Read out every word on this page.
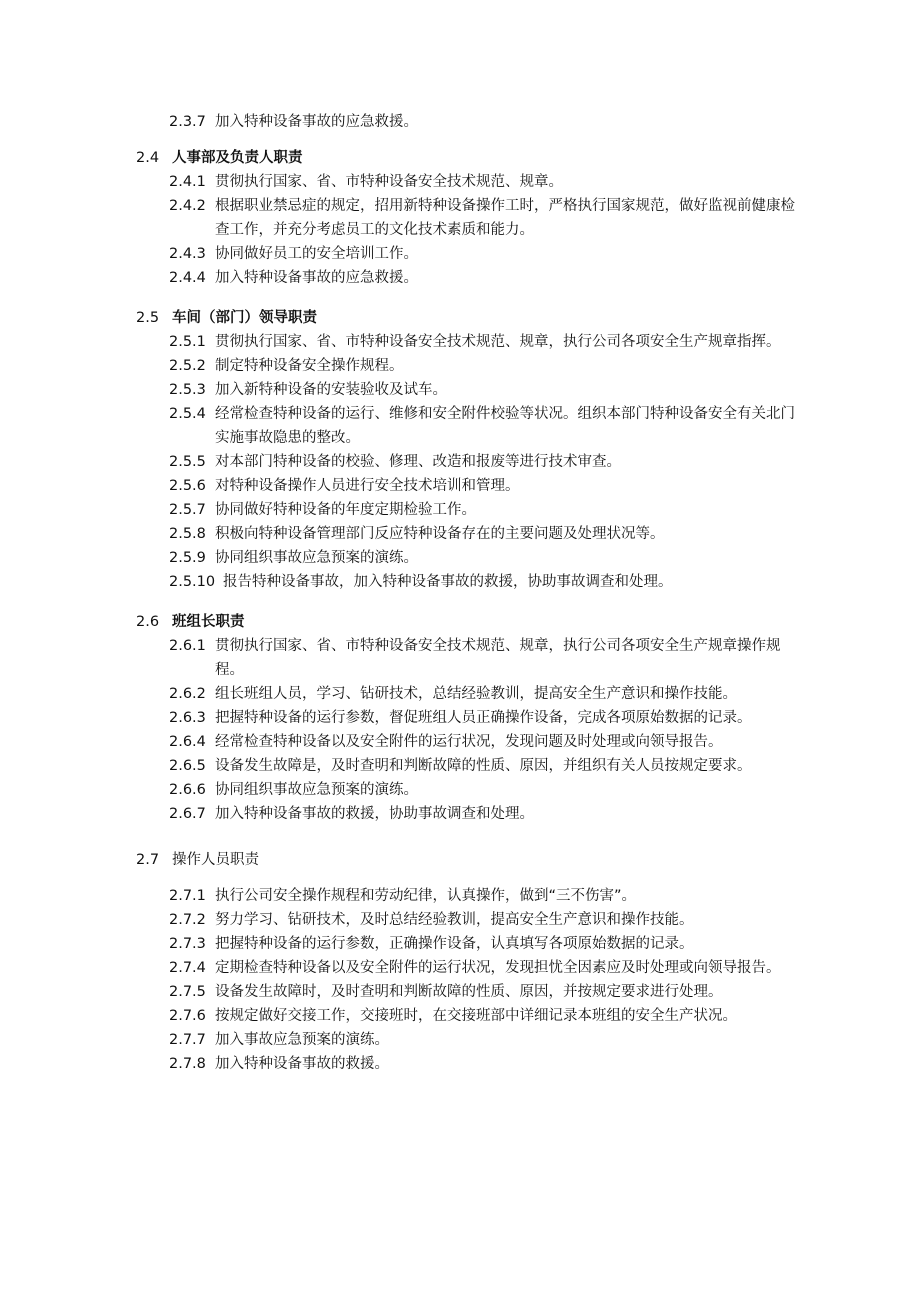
2.3.7 加入特种设备事故的应急救援。
2.4 人事部及负责人职责
2.4.1 贯彻执行国家、省、市特种设备安全技术规范、规章。
2.4.2 根据职业禁忌症的规定，招用新特种设备操作工时，严格执行国家规范，做好监视前健康检查工作，并充分考虑员工的文化技术素质和能力。
2.4.3 协同做好员工的安全培训工作。
2.4.4 加入特种设备事故的应急救援。
2.5 车间（部门）领导职责
2.5.1 贯彻执行国家、省、市特种设备安全技术规范、规章，执行公司各项安全生产规章指挥。
2.5.2 制定特种设备安全操作规程。
2.5.3 加入新特种设备的安装验收及试车。
2.5.4 经常检查特种设备的运行、维修和安全附件校验等状况。组织本部门特种设备安全有关北门实施事故隐患的整改。
2.5.5 对本部门特种设备的校验、修理、改造和报废等进行技术审查。
2.5.6 对特种设备操作人员进行安全技术培训和管理。
2.5.7 协同做好特种设备的年度定期检验工作。
2.5.8 积极向特种设备管理部门反应特种设备存在的主要问题及处理状况等。
2.5.9 协同组织事故应急预案的演练。
2.5.10 报告特种设备事故，加入特种设备事故的救援，协助事故调查和处理。
2.6 班组长职责
2.6.1 贯彻执行国家、省、市特种设备安全技术规范、规章，执行公司各项安全生产规章操作规程。
2.6.2 组长班组人员，学习、钻研技术，总结经验教训，提高安全生产意识和操作技能。
2.6.3 把握特种设备的运行参数，督促班组人员正确操作设备，完成各项原始数据的记录。
2.6.4 经常检查特种设备以及安全附件的运行状况，发现问题及时处理或向领导报告。
2.6.5 设备发生故障是，及时查明和判断故障的性质、原因，并组织有关人员按规定要求。
2.6.6 协同组织事故应急预案的演练。
2.6.7 加入特种设备事故的救援，协助事故调查和处理。
2.7 操作人员职责
2.7.1 执行公司安全操作规程和劳动纪律，认真操作，做到“三不伤害”。
2.7.2 努力学习、钻研技术，及时总结经验教训，提高安全生产意识和操作技能。
2.7.3 把握特种设备的运行参数，正确操作设备，认真填写各项原始数据的记录。
2.7.4 定期检查特种设备以及安全附件的运行状况，发现担忧全因素应及时处理或向领导报告。
2.7.5 设备发生故障时，及时查明和判断故障的性质、原因，并按规定要求进行处理。
2.7.6 按规定做好交接工作，交接班时，在交接班部中详细记录本班组的安全生产状况。
2.7.7 加入事故应急预案的演练。
2.7.8 加入特种设备事故的救援。
